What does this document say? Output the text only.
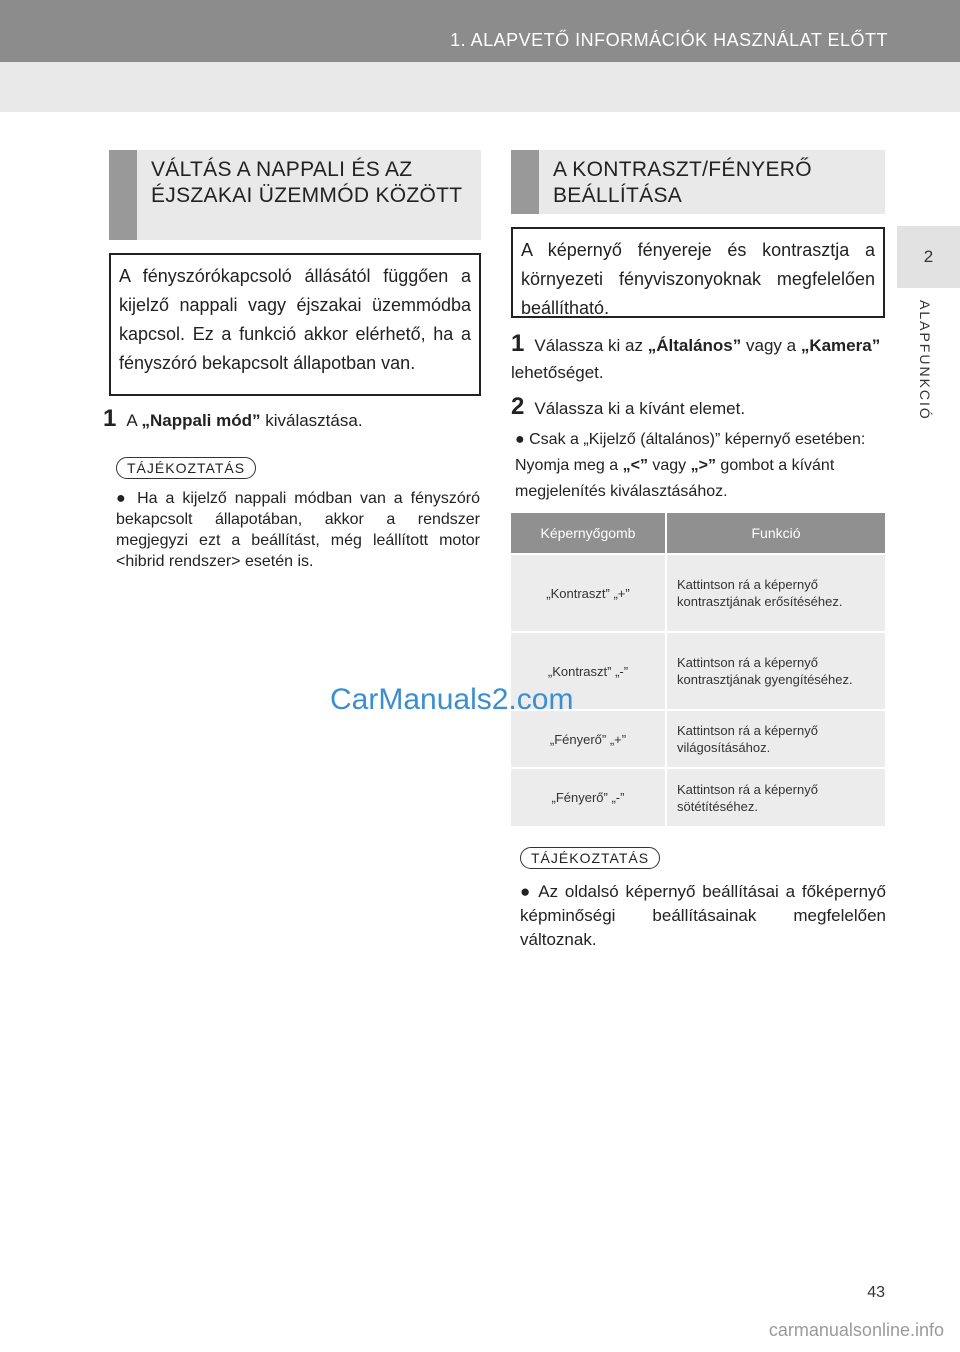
1. ALAPVETŐ INFORMÁCIÓK HASZNÁLAT ELŐTT
2
ALAPFUNKCIÓ
VÁLTÁS A NAPPALI ÉS AZ ÉJSZAKAI ÜZEMMÓD KÖZÖTT
A fényszórókapcsoló állásától függően a kijelző nappali vagy éjszakai üzemmódba kapcsol. Ez a funkció akkor elérhető, ha a fényszóró bekapcsolt állapotban van.
1 A „Nappali mód” kiválasztása.
TÁJÉKOZTATÁS
● Ha a kijelző nappali módban van a fényszóró bekapcsolt állapotában, akkor a rendszer megjegyzi ezt a beállítást, még leállított motor <hibrid rendszer> esetén is.
A KONTRASZT/FÉNYERŐ BEÁLLÍTÁSA
A képernyő fényereje és kontrasztja a környezeti fényviszonyoknak megfelelően beállítható.
1 Válassza ki az „Általános” vagy a „Kamera” lehetőséget.
2 Válassza ki a kívánt elemet.
● Csak a „Kijelző (általános)” képernyő esetében: Nyomja meg a „<” vagy „>” gombot a kívánt megjelenítés kiválasztásához.
Képernyőgomb	Funkció
„Kontraszt” „+”	Kattintson rá a képernyő kontrasztjának erősítéséhez.
„Kontraszt” „-”	Kattintson rá a képernyő kontrasztjának gyengítéséhez.
„Fényerő” „+”	Kattintson rá a képernyő világosításához.
„Fényerő” „-”	Kattintson rá a képernyő sötétítéséhez.
TÁJÉKOZTATÁS
● Az oldalsó képernyő beállításai a főképernyő képminőségi beállításainak megfelelően változnak.
CarManuals2.com
43
carmanualsonline.info
